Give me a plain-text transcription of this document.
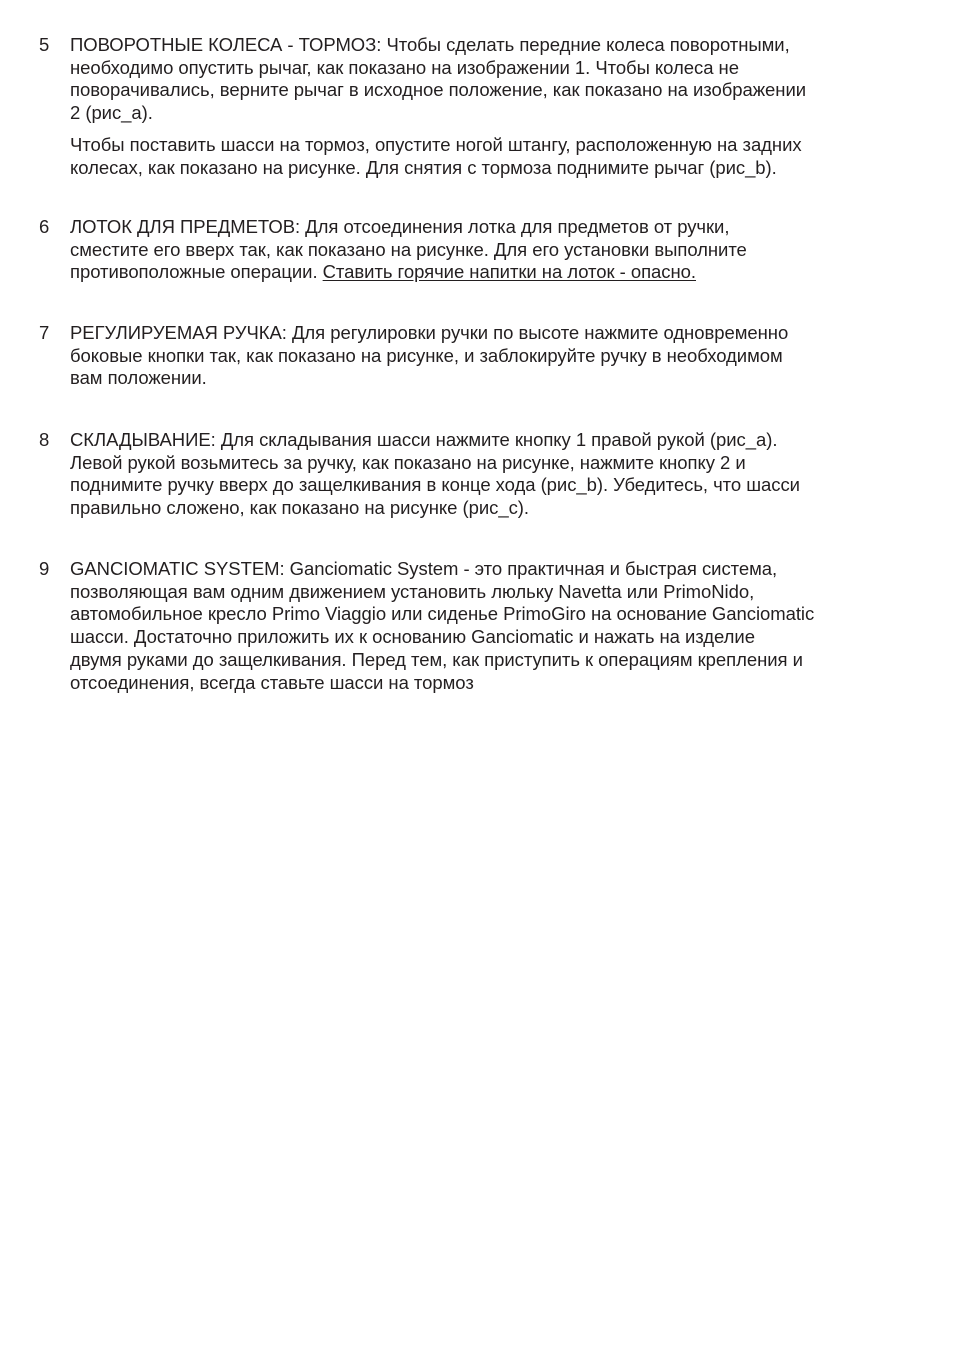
5 ПОВОРОТНЫЕ КОЛЕСА - ТОРМОЗ: Чтобы сделать передние колеса поворотными,
необходимо опустить рычаг, как показано на изображении 1. Чтобы колеса не
поворачивались, верните рычаг в исходное положение, как показано на изображении
2 (рис_a).

Чтобы поставить шасси на тормоз, опустите ногой штангу, расположенную на задних
колесах, как показано на рисунке. Для снятия с тормоза поднимите рычаг (рис_b).

6 ЛОТОК ДЛЯ ПРЕДМЕТОВ: Для отсоединения лотка для предметов от ручки,
сместите его вверх так, как показано на рисунке. Для его установки выполните
противоположные операции. Ставить горячие напитки на лоток - опасно.

7 РЕГУЛИРУЕМАЯ РУЧКА: Для регулировки ручки по высоте нажмите одновременно
боковые кнопки так, как показано на рисунке, и заблокируйте ручку в необходимом
вам положении.

8 СКЛАДЫВАНИЕ: Для складывания шасси нажмите кнопку 1 правой рукой (рис_a).
Левой рукой возьмитесь за ручку, как показано на рисунке, нажмите кнопку 2 и
поднимите ручку вверх до защелкивания в конце хода (рис_b). Убедитесь, что шасси
правильно сложено, как показано на рисунке (рис_c).

9 GANCIOMATIC SYSTEM: Ganciomatic System - это практичная и быстрая система,
позволяющая вам одним движением установить люльку Navetta или PrimoNido,
автомобильное кресло Primo Viaggio или сиденье PrimoGiro на основание Ganciomatic
шасси. Достаточно приложить их к основанию Ganciomatic и нажать на изделие
двумя руками до защелкивания. Перед тем, как приступить к операциям крепления и
отсоединения, всегда ставьте шасси на тормоз
